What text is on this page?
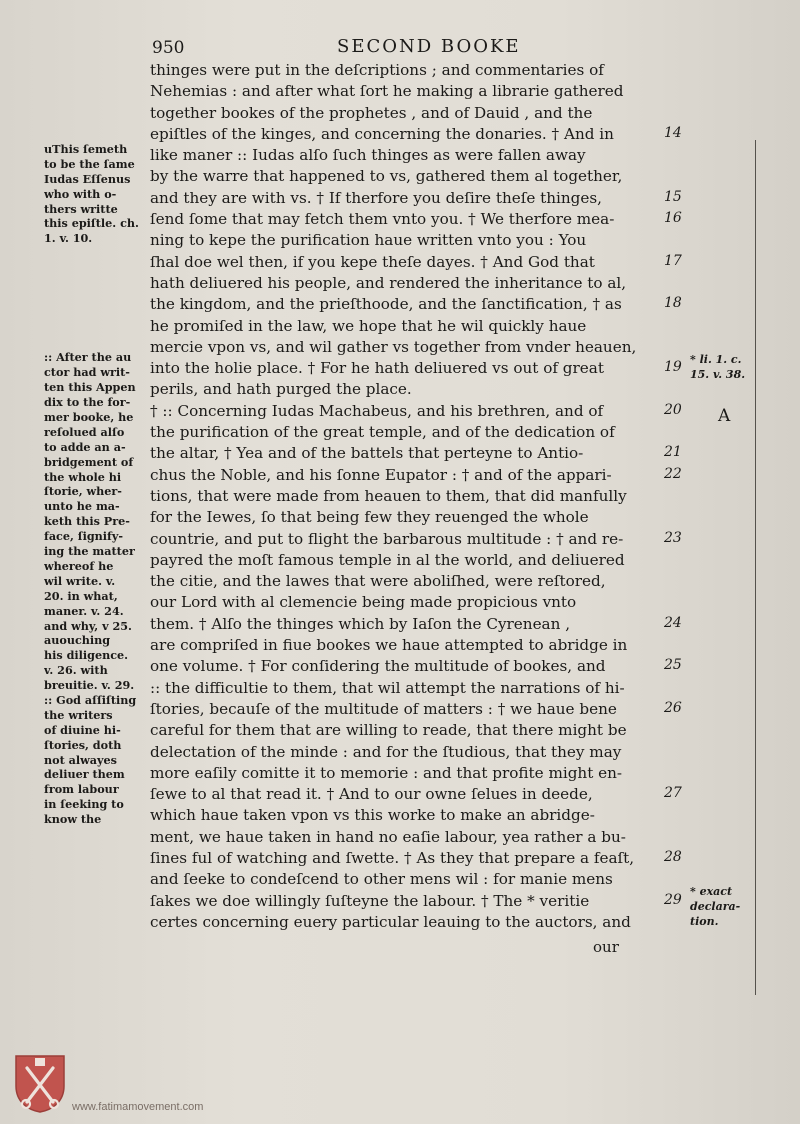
950	SECOND BOOKE
uThis ſemeth
to be the ſame
Iudas Eſſenus
who with o-
thers writte
this epiſtle. ch.
1. v. 10.
:: After the au
ctor had writ-
ten this Appen
dix to the for-
mer booke, he
reſolued alſo
to adde an a-
bridgement of
the whole hi
ſtorie, wher-
unto he ma-
keth this Pre-
face, ſignify-
ing the matter
whereof he
wil write. v.
20. in what,
maner. v. 24.
and why, v 25.
auouching
his diligence.
v. 26. with
breuitie. v. 29.
:: God aſſiſting
the writers
of diuine hi-
ſtories, doth
not alwayes
deliuer them
from labour
in ſeeking to
know the
thinges were put in the deſcriptions ; and commentaries of
Nehemias : and after what ſort he making a librarie gathered
together bookes of the prophetes , and of Dauid , and the
epiſtles of the kinges, and concerning the donaries. † And in
like maner :: Iudas alſo ſuch thinges as were fallen away
by the warre that happened to vs, gathered them al together,
and they are with vs. † If therfore you deſire theſe thinges,
ſend ſome that may fetch them vnto you. † We therfore mea-
ning to kepe the purification haue written vnto you : You
ſhal doe wel then, if you kepe theſe dayes. † And God that
hath deliuered his people, and rendered the inheritance to al,
the kingdom, and the prieſthoode, and the ſanctification, † as
he promiſed in the law, we hope that he wil quickly haue
mercie vpon vs, and wil gather vs together from vnder heauen,
into the holie place. † For he hath deliuered vs out of great
perils, and hath purged the place.
† :: Concerning Iudas Machabeus, and his brethren, and of
the purification of the great temple, and of the dedication of
the altar, † Yea and of the battels that perteyne to Antio-
chus the Noble, and his ſonne Eupator : † and of the appari-
tions, that were made from heauen to them, that did manfully
for the Iewes, ſo that being few they reuenged the whole
countrie, and put to flight the barbarous multitude : † and re-
payred the moſt famous temple in al the world, and deliuered
the citie, and the lawes that were aboliſhed, were reſtored,
our Lord with al clemencie being made propicious vnto
them. † Alſo the thinges which by Iaſon the Cyrenean ,
are compriſed in fiue bookes we haue attempted to abridge in
one volume. † For conſidering the multitude of bookes, and
:: the difficultie to them, that wil attempt the narrations of hi-
ſtories, becauſe of the multitude of matters : † we haue bene
careful for them that are willing to reade, that there might be
delectation of the minde : and for the ſtudious, that they may
more eaſily comitte it to memorie : and that profite might en-
ſewe to al that read it. † And to our owne ſelues in deede,
which haue taken vpon vs this worke to make an abridge-
ment, we haue taken in hand no eaſie labour, yea rather a bu-
ſines ful of watching and ſwette. † As they that prepare a feaſt,
and ſeeke to condeſcend to other mens wil : for manie mens
ſakes we doe willingly ſuſteyne the labour. † The * veritie
certes concerning euery particular leauing to the auctors, and
14
15
16
17
18
19
20
21
22
23
24
25
26
27
28
29
A
* li. 1. c.
15. v. 38.
* exact
declara-
tion.
our
www.fatimamovement.com
